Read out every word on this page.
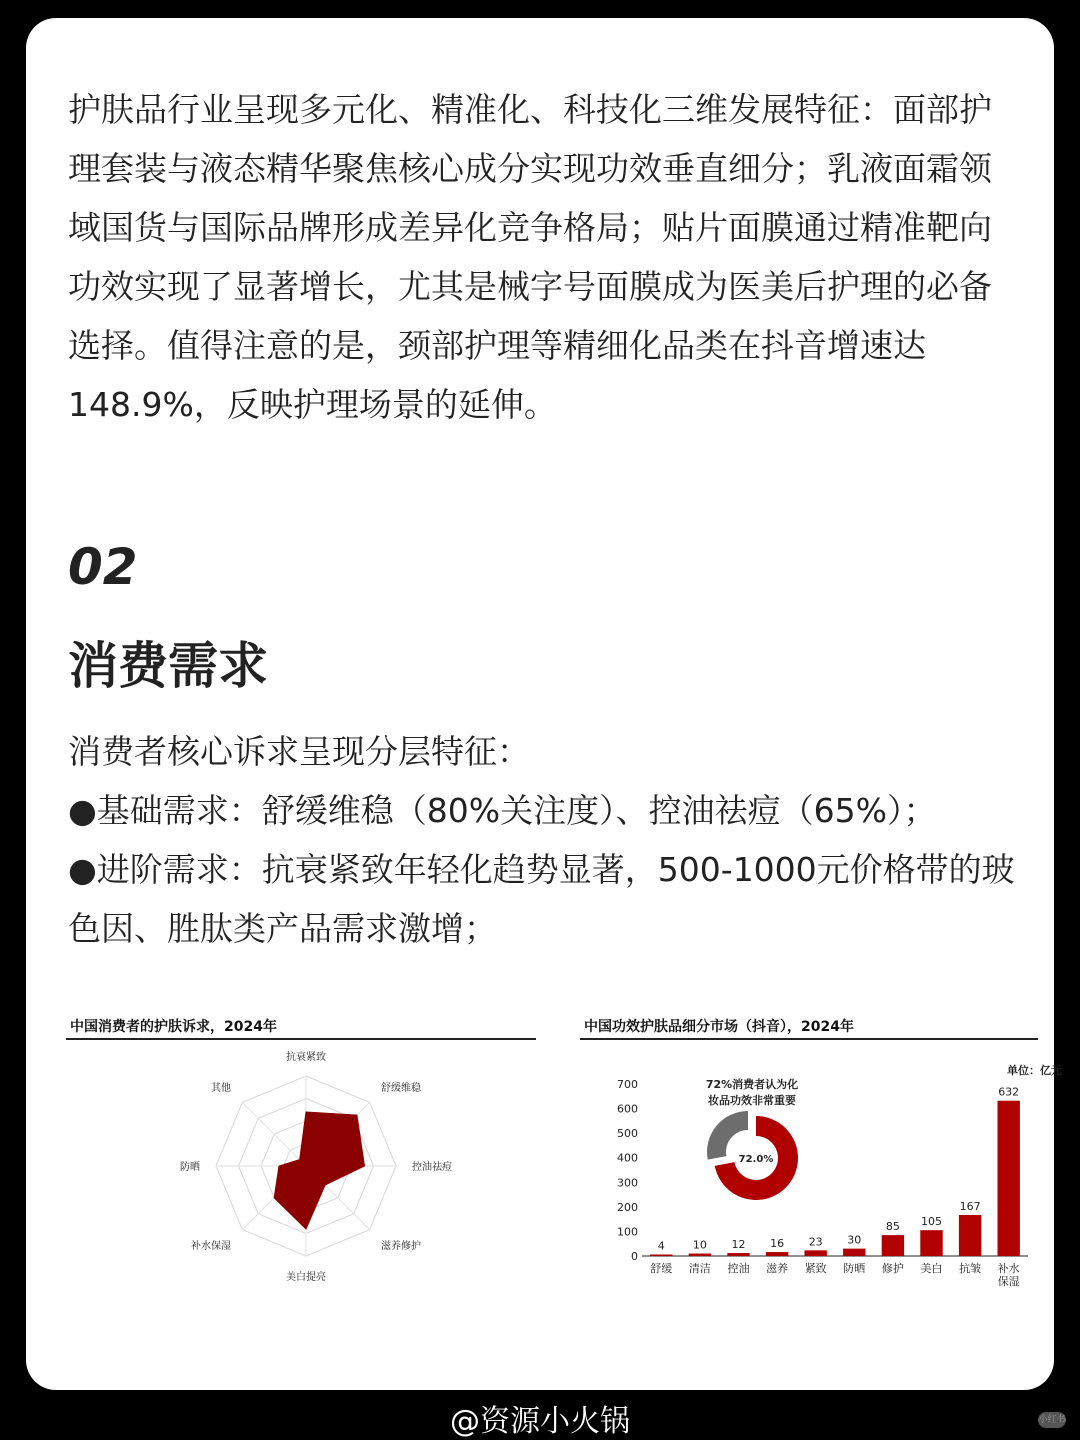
护肤品行业呈现多元化、精准化、科技化三维发展特征：面部护理套装与液态精华聚焦核心成分实现功效垂直细分；乳液面霜领域国货与国际品牌形成差异化竞争格局；贴片面膜通过精准靶向功效实现了显著增长，尤其是械字号面膜成为医美后护理的必备选择。值得注意的是，颈部护理等精细化品类在抖音增速达148.9%，反映护理场景的延伸。

02
消费需求

消费者核心诉求呈现分层特征：

●基础需求：舒缓维稳（80%关注度）、控油祛痘（65%）；

●进阶需求：抗衰紧致年轻化趋势显著，500-1000元价格带的玻色因、胜肽类产品需求激增；

中国消费者的护肤诉求，2024年
抗衰紧致
舒缓维稳
控油祛痘
滋养修护
美白提亮
补水保湿
防晒
其他
中国功效护肤品细分市场（抖音），2024年
单位：亿元
0
100
200
300
400
500
600
700
4
舒缓
10
清洁
12
控油
16
滋养
23
紧致
30
防晒
85
修护
105
美白
167
抗皱
632
补水
保湿
72%消费者认为化
妆品功效非常重要
72.0%
@资源小火锅	小红书
